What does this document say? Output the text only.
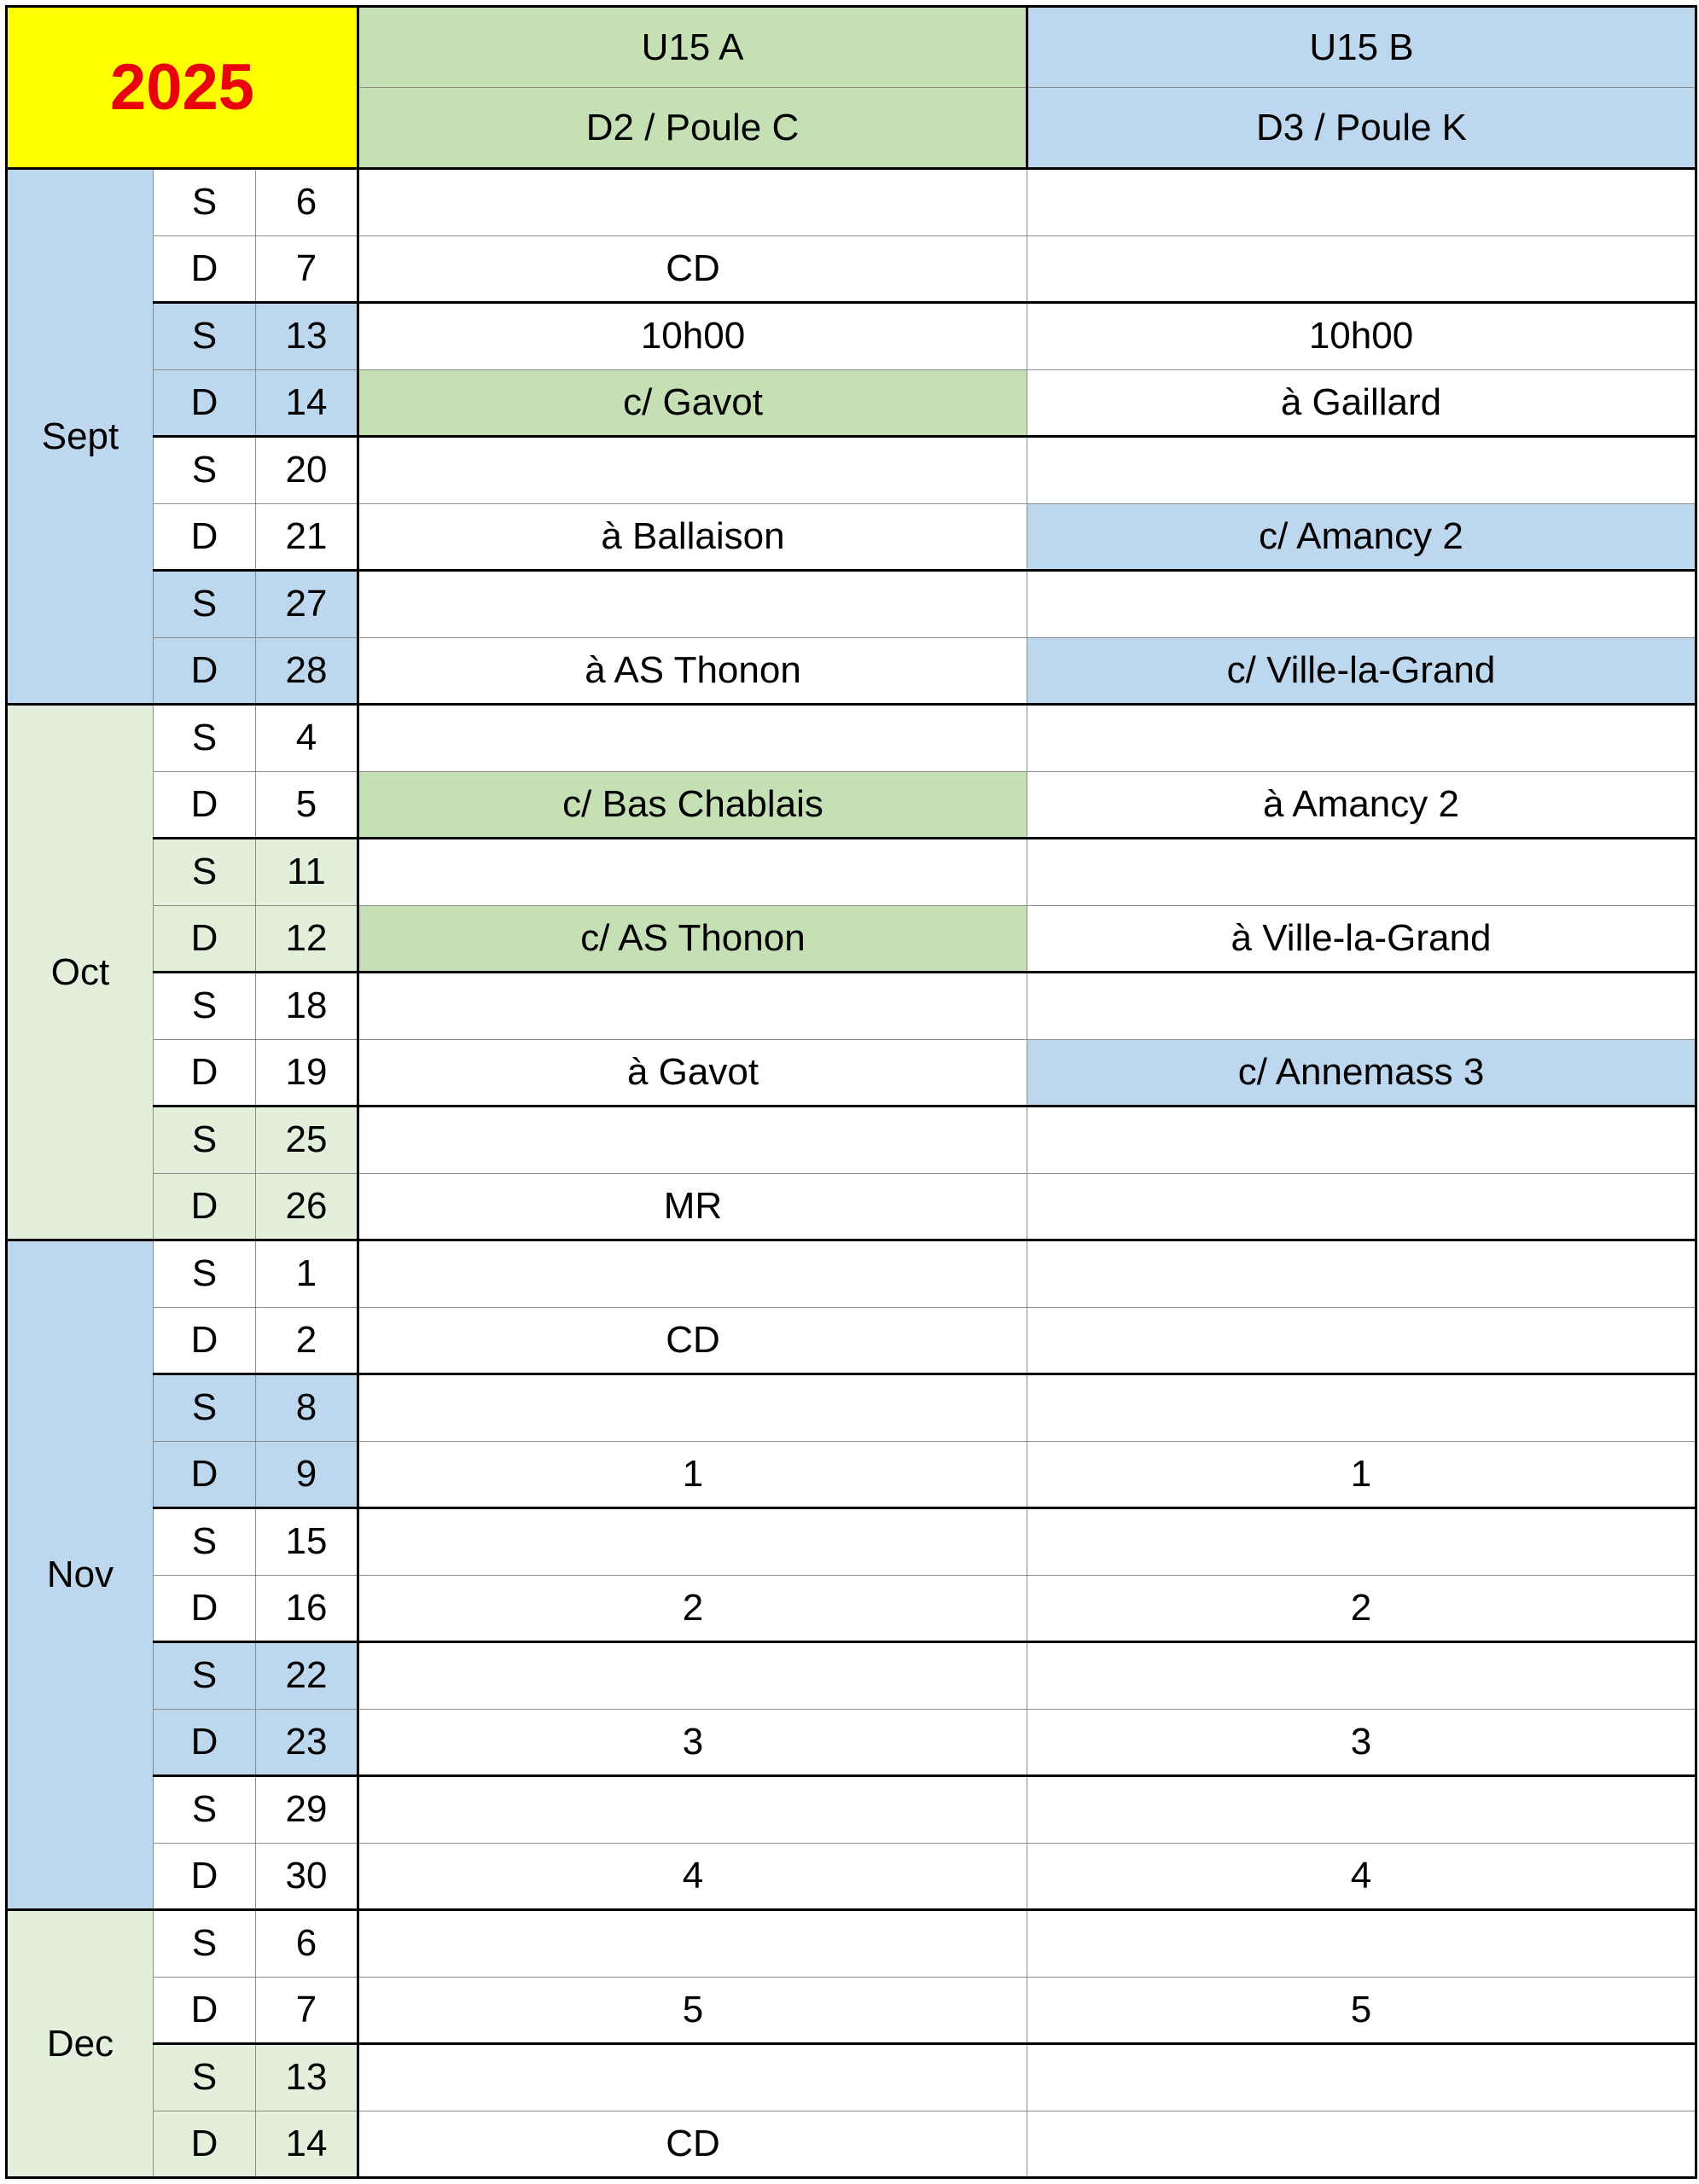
2025			U15 A	U15 B
			D2 / Poule C	D3 / Poule K
Sept	S	6		
	D	7	CD	
	S	13	10h00	10h00
	D	14	c/ Gavot	à Gaillard
	S	20		
	D	21	à Ballaison	c/ Amancy 2
	S	27		
	D	28	à AS Thonon	c/ Ville-la-Grand
Oct	S	4		
	D	5	c/ Bas Chablais	à Amancy 2
	S	11		
	D	12	c/ AS Thonon	à Ville-la-Grand
	S	18		
	D	19	à Gavot	c/ Annemass 3
	S	25		
	D	26	MR	
Nov	S	1		
	D	2	CD	
	S	8		
	D	9	1	1
	S	15		
	D	16	2	2
	S	22		
	D	23	3	3
	S	29		
	D	30	4	4
Dec	S	6		
	D	7	5	5
	S	13		
	D	14	CD	
